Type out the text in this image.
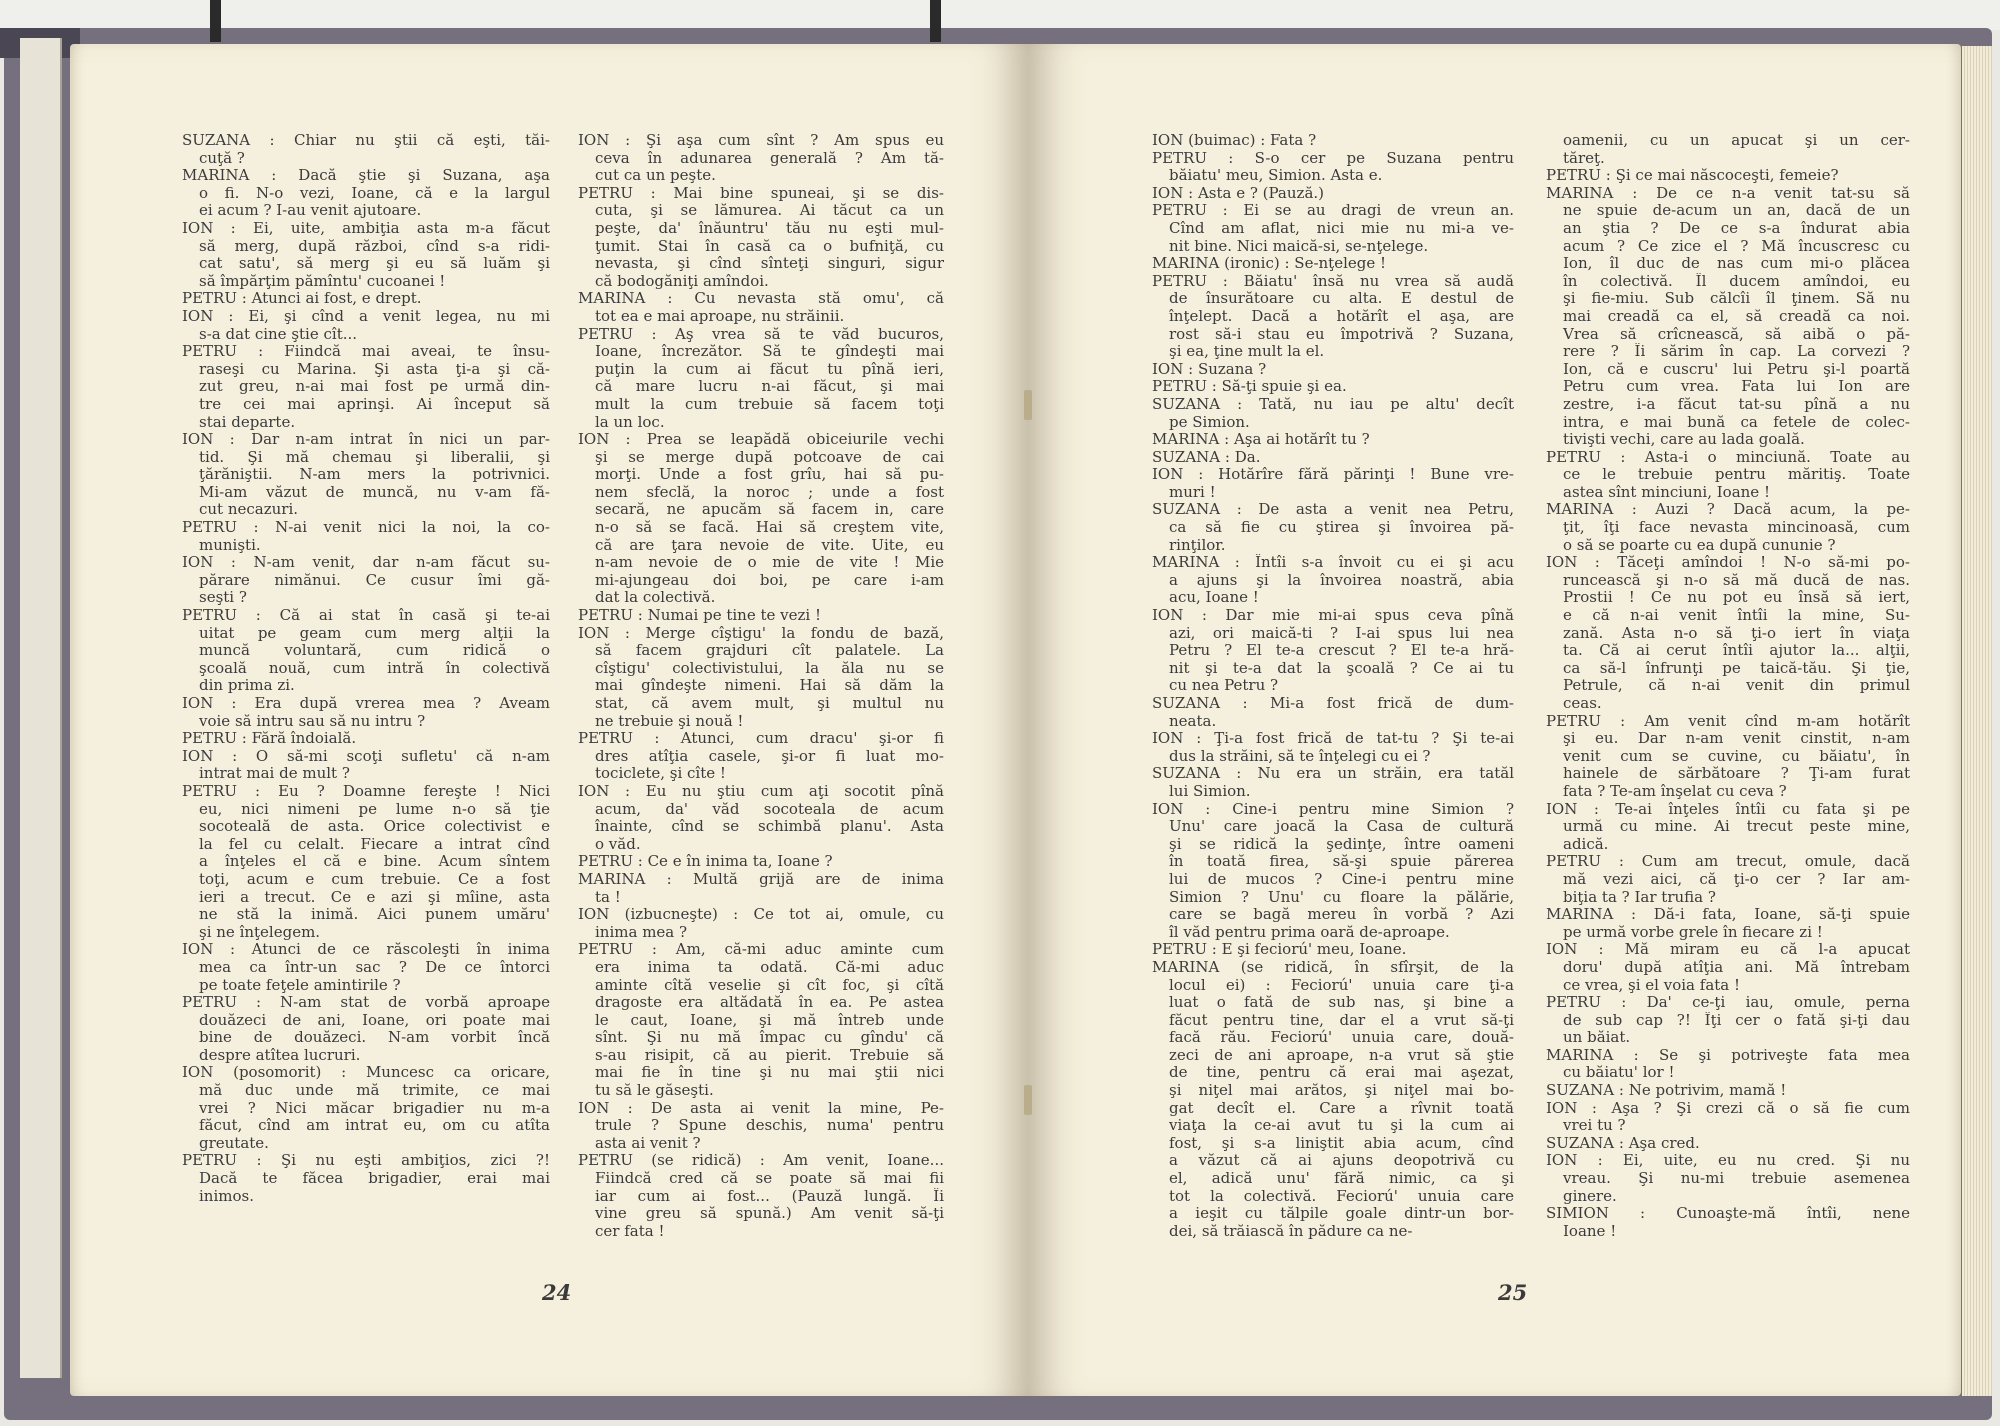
SUZANA : Chiar nu ştii că eşti, tăi-
cuţă ?
MARINA : Dacă ştie şi Suzana, aşa
o fi. N-o vezi, Ioane, că e la largul
ei acum ? I-au venit ajutoare.
ION : Ei, uite, ambiţia asta m-a făcut
să merg, după război, cînd s-a ridi-
cat satu', să merg şi eu să luăm şi
să împărţim pămîntu' cucoanei !
PETRU : Atunci ai fost, e drept.
ION : Ei, şi cînd a venit legea, nu mi
s-a dat cine ştie cît...
PETRU : Fiindcă mai aveai, te însu-
raseşi cu Marina. Şi asta ţi-a şi că-
zut greu, n-ai mai fost pe urmă din-
tre cei mai aprinşi. Ai început să
stai departe.
ION : Dar n-am intrat în nici un par-
tid. Şi mă chemau şi liberalii, şi
ţărăniştii. N-am mers la potrivnici.
Mi-am văzut de muncă, nu v-am fă-
cut necazuri.
PETRU : N-ai venit nici la noi, la co-
munişti.
ION : N-am venit, dar n-am făcut su-
părare nimănui. Ce cusur îmi gă-
seşti ?
PETRU : Că ai stat în casă şi te-ai
uitat pe geam cum merg alţii la
muncă voluntară, cum ridică o
şcoală nouă, cum intră în colectivă
din prima zi.
ION : Era după vrerea mea ? Aveam
voie să intru sau să nu intru ?
PETRU : Fără îndoială.
ION : O să-mi scoţi sufletu' că n-am
intrat mai de mult ?
PETRU : Eu ? Doamne fereşte ! Nici
eu, nici nimeni pe lume n-o să ţie
socoteală de asta. Orice colectivist e
la fel cu celalt. Fiecare a intrat cînd
a înţeles el că e bine. Acum sîntem
toţi, acum e cum trebuie. Ce a fost
ieri a trecut. Ce e azi şi mîine, asta
ne stă la inimă. Aici punem umăru'
şi ne înţelegem.
ION : Atunci de ce răscoleşti în inima
mea ca într-un sac ? De ce întorci
pe toate feţele amintirile ?
PETRU : N-am stat de vorbă aproape
douăzeci de ani, Ioane, ori poate mai
bine de douăzeci. N-am vorbit încă
despre atîtea lucruri.
ION (posomorit) : Muncesc ca oricare,
mă duc unde mă trimite, ce mai
vrei ? Nici măcar brigadier nu m-a
făcut, cînd am intrat eu, om cu atîta
greutate.
PETRU : Şi nu eşti ambiţios, zici ?!
Dacă te făcea brigadier, erai mai
inimos.
ION : Şi aşa cum sînt ? Am spus eu
ceva în adunarea generală ? Am tă-
cut ca un peşte.
PETRU : Mai bine spuneai, şi se dis-
cuta, şi se lămurea. Ai tăcut ca un
peşte, da' înăuntru' tău nu eşti mul-
ţumit. Stai în casă ca o bufniţă, cu
nevasta, şi cînd sînteţi singuri, sigur
că bodogăniţi amîndoi.
MARINA : Cu nevasta stă omu', că
tot ea e mai aproape, nu străinii.
PETRU : Aş vrea să te văd bucuros,
Ioane, încrezător. Să te gîndeşti mai
puţin la cum ai făcut tu pînă ieri,
că mare lucru n-ai făcut, şi mai
mult la cum trebuie să facem toţi
la un loc.
ION : Prea se leapădă obiceiurile vechi
şi se merge după potcoave de cai
morţi. Unde a fost grîu, hai să pu-
nem sfeclă, la noroc ; unde a fost
secară, ne apucăm să facem in, care
n-o să se facă. Hai să creştem vite,
că are ţara nevoie de vite. Uite, eu
n-am nevoie de o mie de vite ! Mie
mi-ajungeau doi boi, pe care i-am
dat la colectivă.
PETRU : Numai pe tine te vezi !
ION : Merge cîştigu' la fondu de bază,
să facem grajduri cît palatele. La
cîştigu' colectivistului, la ăla nu se
mai gîndeşte nimeni. Hai să dăm la
stat, că avem mult, şi multul nu
ne trebuie şi nouă !
PETRU : Atunci, cum dracu' şi-or fi
dres atîţia casele, şi-or fi luat mo-
tociclete, şi cîte !
ION : Eu nu ştiu cum aţi socotit pînă
acum, da' văd socoteala de acum
înainte, cînd se schimbă planu'. Asta
o văd.
PETRU : Ce e în inima ta, Ioane ?
MARINA : Multă grijă are de inima
ta !
ION (izbucneşte) : Ce tot ai, omule, cu
inima mea ?
PETRU : Am, că-mi aduc aminte cum
era inima ta odată. Că-mi aduc
aminte cîtă veselie şi cît foc, şi cîtă
dragoste era altădată în ea. Pe astea
le caut, Ioane, şi mă întreb unde
sînt. Şi nu mă împac cu gîndu' că
s-au risipit, că au pierit. Trebuie să
mai fie în tine şi nu mai ştii nici
tu să le găseşti.
ION : De asta ai venit la mine, Pe-
trule ? Spune deschis, numa' pentru
asta ai venit ?
PETRU (se ridică) : Am venit, Ioane...
Fiindcă cred că se poate să mai fii
iar cum ai fost... (Pauză lungă. Îi
vine greu să spună.) Am venit să-ţi
cer fata !
24
ION (buimac) : Fata ?
PETRU : S-o cer pe Suzana pentru
băiatu' meu, Simion. Asta e.
ION : Asta e ? (Pauză.)
PETRU : Ei se au dragi de vreun an.
Cînd am aflat, nici mie nu mi-a ve-
nit bine. Nici maică-si, se-nţelege.
MARINA (ironic) : Se-nţelege !
PETRU : Băiatu' însă nu vrea să audă
de însurătoare cu alta. E destul de
înţelept. Dacă a hotărît el aşa, are
rost să-i stau eu împotrivă ? Suzana,
şi ea, ţine mult la el.
ION : Suzana ?
PETRU : Să-ţi spuie şi ea.
SUZANA : Tată, nu iau pe altu' decît
pe Simion.
MARINA : Aşa ai hotărît tu ?
SUZANA : Da.
ION : Hotărîre fără părinţi ! Bune vre-
muri !
SUZANA : De asta a venit nea Petru,
ca să fie cu ştirea şi învoirea pă-
rinţilor.
MARINA : Întîi s-a învoit cu ei şi acu
a ajuns şi la învoirea noastră, abia
acu, Ioane !
ION : Dar mie mi-ai spus ceva pînă
azi, ori maică-ti ? I-ai spus lui nea
Petru ? El te-a crescut ? El te-a hră-
nit şi te-a dat la şcoală ? Ce ai tu
cu nea Petru ?
SUZANA : Mi-a fost frică de dum-
neata.
ION : Ţi-a fost frică de tat-tu ? Şi te-ai
dus la străini, să te înţelegi cu ei ?
SUZANA : Nu era un străin, era tatăl
lui Simion.
ION : Cine-i pentru mine Simion ?
Unu' care joacă la Casa de cultură
şi se ridică la şedinţe, între oameni
în toată firea, să-şi spuie părerea
lui de mucos ? Cine-i pentru mine
Simion ? Unu' cu floare la pălărie,
care se bagă mereu în vorbă ? Azi
îl văd pentru prima oară de-aproape.
PETRU : E şi feciorú' meu, Ioane.
MARINA (se ridică, în sfîrşit, de la
locul ei) : Feciorú' unuia care ţi-a
luat o fată de sub nas, şi bine a
făcut pentru tine, dar el a vrut să-ţi
facă rău. Feciorú' unuia care, două-
zeci de ani aproape, n-a vrut să ştie
de tine, pentru că erai mai aşezat,
şi niţel mai arătos, şi niţel mai bo-
gat decît el. Care a rîvnit toată
viaţa la ce-ai avut tu şi la cum ai
fost, şi s-a liniştit abia acum, cînd
a văzut că ai ajuns deopotrivă cu
el, adică unu' fără nimic, ca şi
tot la colectivă. Feciorú' unuia care
a ieşit cu tălpile goale dintr-un bor-
dei, să trăiască în pădure ca ne-
oamenii, cu un apucat şi un cer-
tăreţ.
PETRU : Şi ce mai născoceşti, femeie?
MARINA : De ce n-a venit tat-su să
ne spuie de-acum un an, dacă de un
an ştia ? De ce s-a îndurat abia
acum ? Ce zice el ? Mă încuscresc cu
Ion, îl duc de nas cum mi-o plăcea
în colectivă. Îl ducem amîndoi, eu
şi fie-miu. Sub călcîi îl ţinem. Să nu
mai creadă ca el, să creadă ca noi.
Vrea să crîcnească, să aibă o pă-
rere ? Îi sărim în cap. La corvezi ?
Ion, că e cuscru' lui Petru şi-l poartă
Petru cum vrea. Fata lui Ion are
zestre, i-a făcut tat-su pînă a nu
intra, e mai bună ca fetele de colec-
tivişti vechi, care au lada goală.
PETRU : Asta-i o minciună. Toate au
ce le trebuie pentru măritiş. Toate
astea sînt minciuni, Ioane !
MARINA : Auzi ? Dacă acum, la pe-
ţit, îţi face nevasta mincinoasă, cum
o să se poarte cu ea după cununie ?
ION : Tăceţi amîndoi ! N-o să-mi po-
runcească şi n-o să mă ducă de nas.
Prostii ! Ce nu pot eu însă să iert,
e că n-ai venit întîi la mine, Su-
zană. Asta n-o să ţi-o iert în viaţa
ta. Că ai cerut întîi ajutor la... alţii,
ca să-l înfrunţi pe taică-tău. Şi ţie,
Petrule, că n-ai venit din primul
ceas.
PETRU : Am venit cînd m-am hotărît
şi eu. Dar n-am venit cinstit, n-am
venit cum se cuvine, cu băiatu', în
hainele de sărbătoare ? Ţi-am furat
fata ? Te-am înşelat cu ceva ?
ION : Te-ai înţeles întîi cu fata şi pe
urmă cu mine. Ai trecut peste mine,
adică.
PETRU : Cum am trecut, omule, dacă
mă vezi aici, că ţi-o cer ? Iar am-
biţia ta ? Iar trufia ?
MARINA : Dă-i fata, Ioane, să-ţi spuie
pe urmă vorbe grele în fiecare zi !
ION : Mă miram eu că l-a apucat
doru' după atîţia ani. Mă întrebam
ce vrea, şi el voia fata !
PETRU : Da' ce-ţi iau, omule, perna
de sub cap ?! Îţi cer o fată şi-ţi dau
un băiat.
MARINA : Se şi potriveşte fata mea
cu băiatu' lor !
SUZANA : Ne potrivim, mamă !
ION : Aşa ? Şi crezi că o să fie cum
vrei tu ?
SUZANA : Aşa cred.
ION : Ei, uite, eu nu cred. Şi nu
vreau. Şi nu-mi trebuie asemenea
ginere.
SIMION : Cunoaşte-mă întîi, nene
Ioane !
25
